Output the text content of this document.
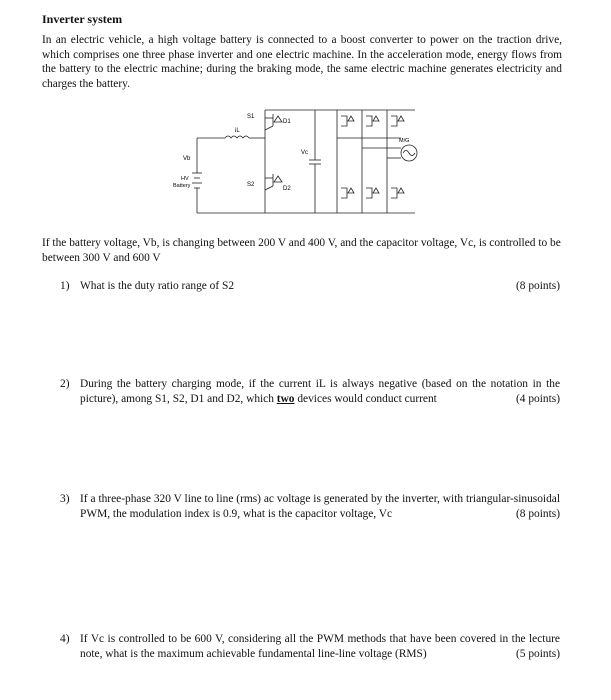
Inverter system
In an electric vehicle, a high voltage battery is connected to a boost converter to power on the traction drive, which comprises one three phase inverter and one electric machine. In the acceleration mode, energy flows from the battery to the electric machine; during the braking mode, the same electric machine generates electricity and charges the battery.
S1
D1
S2
D2
iL
Vb
Vc
HV
Battery
M/G
If the battery voltage, Vb, is changing between 200 V and 400 V, and the capacitor voltage, Vc, is controlled to be between 300 V and 600 V
1)	(8 points)
What is the duty ratio range of S2
2) During the battery charging mode, if the current iL is always negative (based on the notation in the picture), among S1, S2, D1 and D2, which two devices would conduct current	(4 points)
3) If a three-phase 320 V line to line (rms) ac voltage is generated by the inverter, with triangular-sinusoidal PWM, the modulation index is 0.9, what is the capacitor voltage, Vc	(8 points)
4) If Vc is controlled to be 600 V, considering all the PWM methods that have been covered in the lecture note, what is the maximum achievable fundamental line-line voltage (RMS)	(5 points)
